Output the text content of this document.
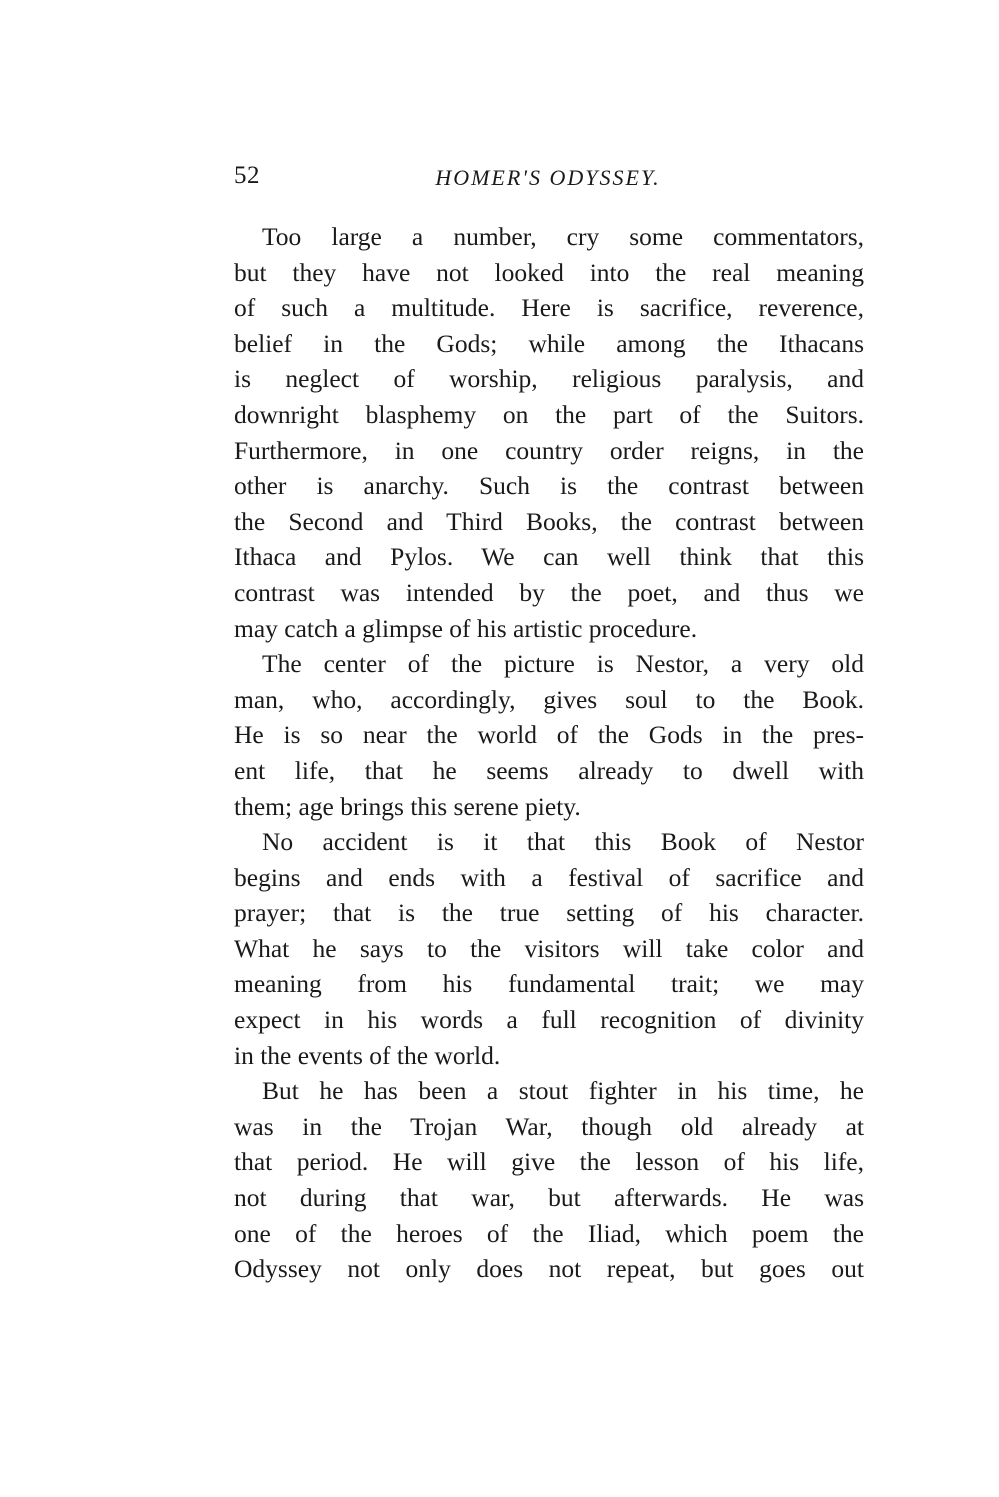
52	HOMER'S ODYSSEY.

Too large a number, cry some commentators,
but they have not looked into the real meaning
of such a multitude. Here is sacrifice, reverence,
belief in the Gods; while among the Ithacans
is neglect of worship, religious paralysis, and
downright blasphemy on the part of the Suitors.
Furthermore, in one country order reigns, in the
other is anarchy. Such is the contrast between
the Second and Third Books, the contrast between
Ithaca and Pylos. We can well think that this
contrast was intended by the poet, and thus we
may catch a glimpse of his artistic procedure.

The center of the picture is Nestor, a very old
man, who, accordingly, gives soul to the Book.
He is so near the world of the Gods in the pres-
ent life, that he seems already to dwell with
them; age brings this serene piety.

No accident is it that this Book of Nestor
begins and ends with a festival of sacrifice and
prayer; that is the true setting of his character.
What he says to the visitors will take color and
meaning from his fundamental trait; we may
expect in his words a full recognition of divinity
in the events of the world.

But he has been a stout fighter in his time, he
was in the Trojan War, though old already at
that period. He will give the lesson of his life,
not during that war, but afterwards. He was
one of the heroes of the Iliad, which poem the
Odyssey not only does not repeat, but goes out
